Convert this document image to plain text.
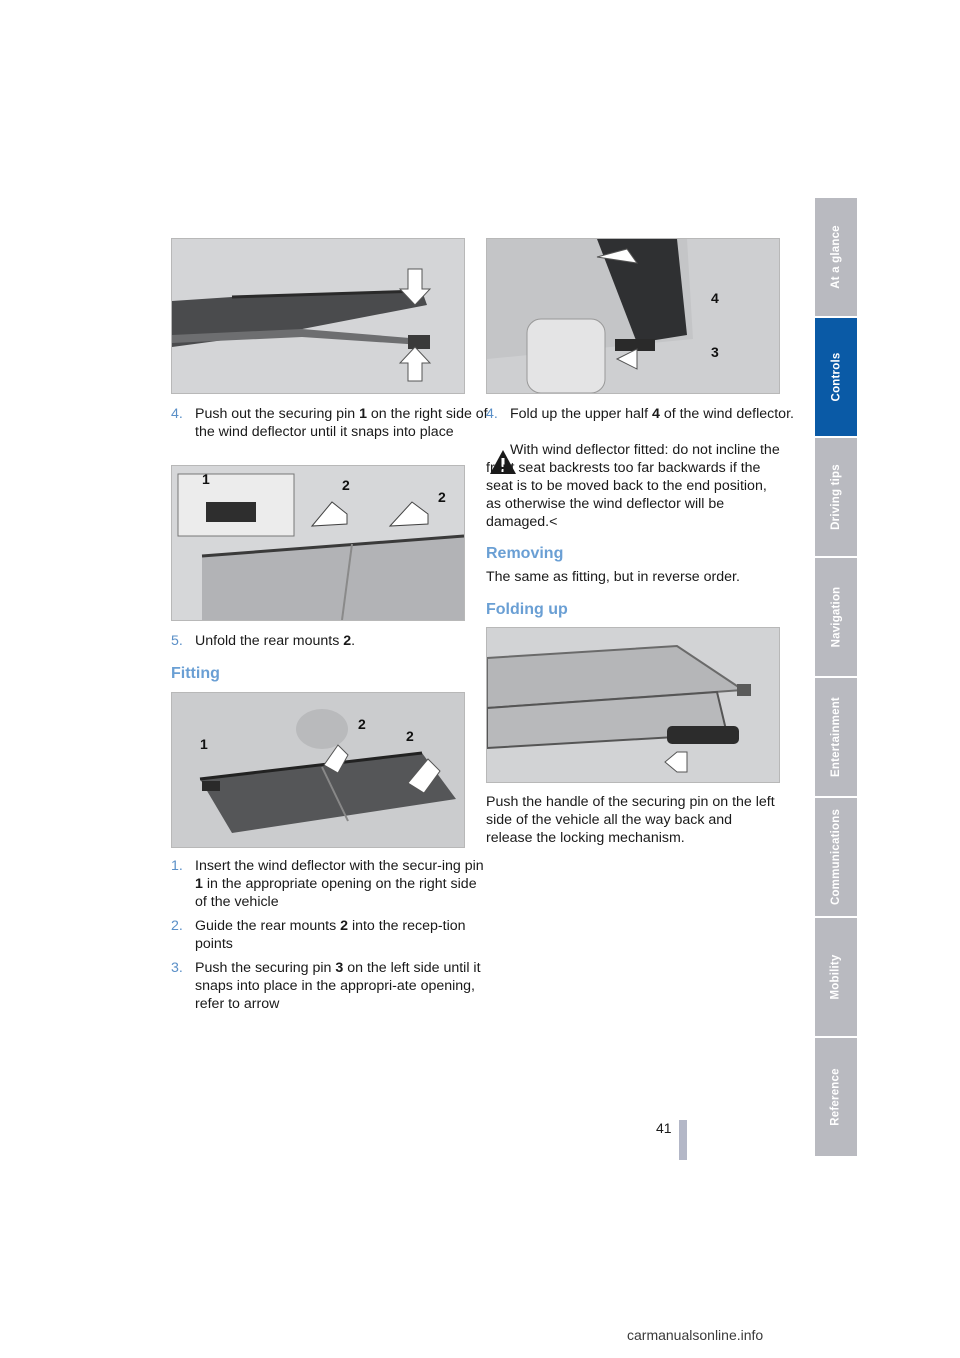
4. Push out the securing pin 1 on the right side of the wind deflector until it snaps into place

1	2
2

5. Unfold the rear mounts 2.

Fitting
1
2
2

1. Insert the wind deflector with the secur-ing pin 1 in the appropriate opening on the right side of the vehicle

2. Guide the rear mounts 2 into the recep-tion points

3. Push the securing pin 3 on the left side until it snaps into place in the appropri-ate opening, refer to arrow

4
3

4. Fold up the upper half 4 of the wind deflector.

With wind deflector fitted: do not incline the front seat backrests too far backwards if the seat is to be moved back to the end position, as otherwise the wind deflector will be damaged.<

Removing

The same as fitting, but in reverse order.

Folding up

Push the handle of the securing pin on the left side of the vehicle all the way back and release the locking mechanism.

At a glance
Controls
Driving tips
Navigation
Entertainment
Communications
Mobility
Reference
41
carmanualsonline.info
